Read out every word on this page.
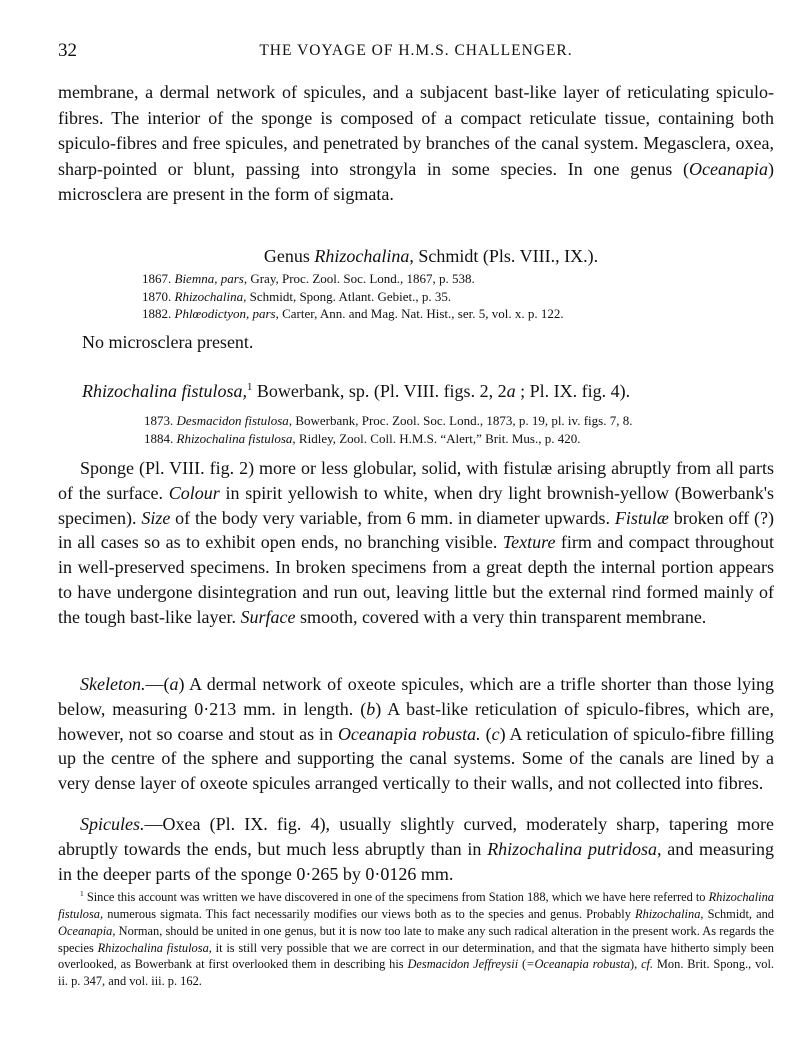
32	THE VOYAGE OF H.M.S. CHALLENGER.

membrane, a dermal network of spicules, and a subjacent bast-like layer of reticulating spiculo-fibres. The interior of the sponge is composed of a compact reticulate tissue, containing both spiculo-fibres and free spicules, and penetrated by branches of the canal system. Megasclera, oxea, sharp-pointed or blunt, passing into strongyla in some species. In one genus (Oceanapia) microsclera are present in the form of sigmata.

Genus Rhizochalina, Schmidt (Pls. VIII., IX.).
1867. Biemna, pars, Gray, Proc. Zool. Soc. Lond., 1867, p. 538.
1870. Rhizochalina, Schmidt, Spong. Atlant. Gebiet., p. 35.
1882. Phlœodictyon, pars, Carter, Ann. and Mag. Nat. Hist., ser. 5, vol. x. p. 122.
No microsclera present.
Rhizochalina fistulosa,$^1$ Bowerbank, sp. (Pl. VIII. figs. 2, 2a ; Pl. IX. fig. 4).
1873. Desmacidon fistulosa, Bowerbank, Proc. Zool. Soc. Lond., 1873, p. 19, pl. iv. figs. 7, 8.
1884. Rhizochalina fistulosa, Ridley, Zool. Coll. H.M.S. “Alert,” Brit. Mus., p. 420.

Sponge (Pl. VIII. fig. 2) more or less globular, solid, with fistulæ arising abruptly from all parts of the surface. Colour in spirit yellowish to white, when dry light brownish-yellow (Bowerbank's specimen). Size of the body very variable, from 6 mm. in diameter upwards. Fistulæ broken off (?) in all cases so as to exhibit open ends, no branching visible. Texture firm and compact throughout in well-preserved specimens. In broken specimens from a great depth the internal portion appears to have undergone disintegration and run out, leaving little but the external rind formed mainly of the tough bast-like layer. Surface smooth, covered with a very thin transparent membrane.

Skeleton.—(a) A dermal network of oxeote spicules, which are a trifle shorter than those lying below, measuring 0·213 mm. in length. (b) A bast-like reticulation of spiculo-fibres, which are, however, not so coarse and stout as in Oceanapia robusta. (c) A reticulation of spiculo-fibre filling up the centre of the sphere and supporting the canal systems. Some of the canals are lined by a very dense layer of oxeote spicules arranged vertically to their walls, and not collected into fibres.

Spicules.—Oxea (Pl. IX. fig. 4), usually slightly curved, moderately sharp, tapering more abruptly towards the ends, but much less abruptly than in Rhizochalina putridosa, and measuring in the deeper parts of the sponge 0·265 by 0·0126 mm.

$^1$ Since this account was written we have discovered in one of the specimens from Station 188, which we have here referred to Rhizochalina fistulosa, numerous sigmata. This fact necessarily modifies our views both as to the species and genus. Probably Rhizochalina, Schmidt, and Oceanapia, Norman, should be united in one genus, but it is now too late to make any such radical alteration in the present work. As regards the species Rhizochalina fistulosa, it is still very possible that we are correct in our determination, and that the sigmata have hitherto simply been overlooked, as Bowerbank at first overlooked them in describing his Desmacidon Jeffreysii (=Oceanapia robusta), cf. Mon. Brit. Spong., vol. ii. p. 347, and vol. iii. p. 162.
